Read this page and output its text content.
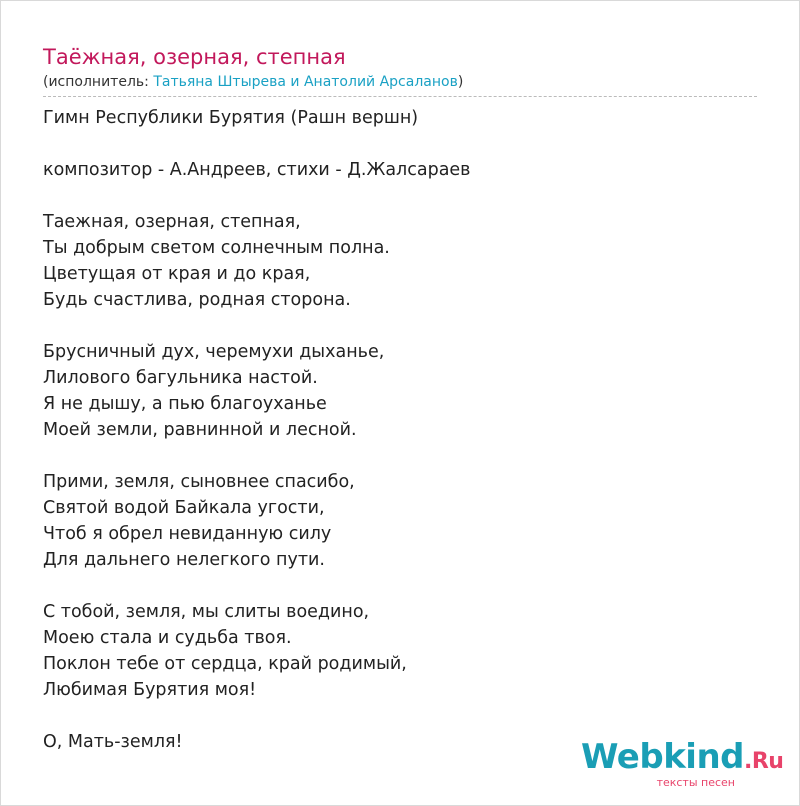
Таёжная, озерная, степная
(исполнитель: Татьяна Штырева и Анатолий Арсаланов)
Гимн Республики Бурятия (Рашн вершн)
композитор - А.Андреев, стихи - Д.Жалсараев
Таежная, озерная, степная,
Ты добрым светом солнечным полна.
Цветущая от края и до края,
Будь счастлива, родная сторона.
Брусничный дух, черемухи дыханье,
Лилового багульника настой.
Я не дышу, а пью благоуханье
Моей земли, равнинной и лесной.
Прими, земля, сыновнее спасибо,
Святой водой Байкала угости,
Чтоб я обрел невиданную силу
Для дальнего нелегкого пути.
С тобой, земля, мы слиты воедино,
Моею стала и судьба твоя.
Поклон тебе от сердца, край родимый,
Любимая Бурятия моя!
О, Мать-земля!	Webkind.Ru
тексты песен
